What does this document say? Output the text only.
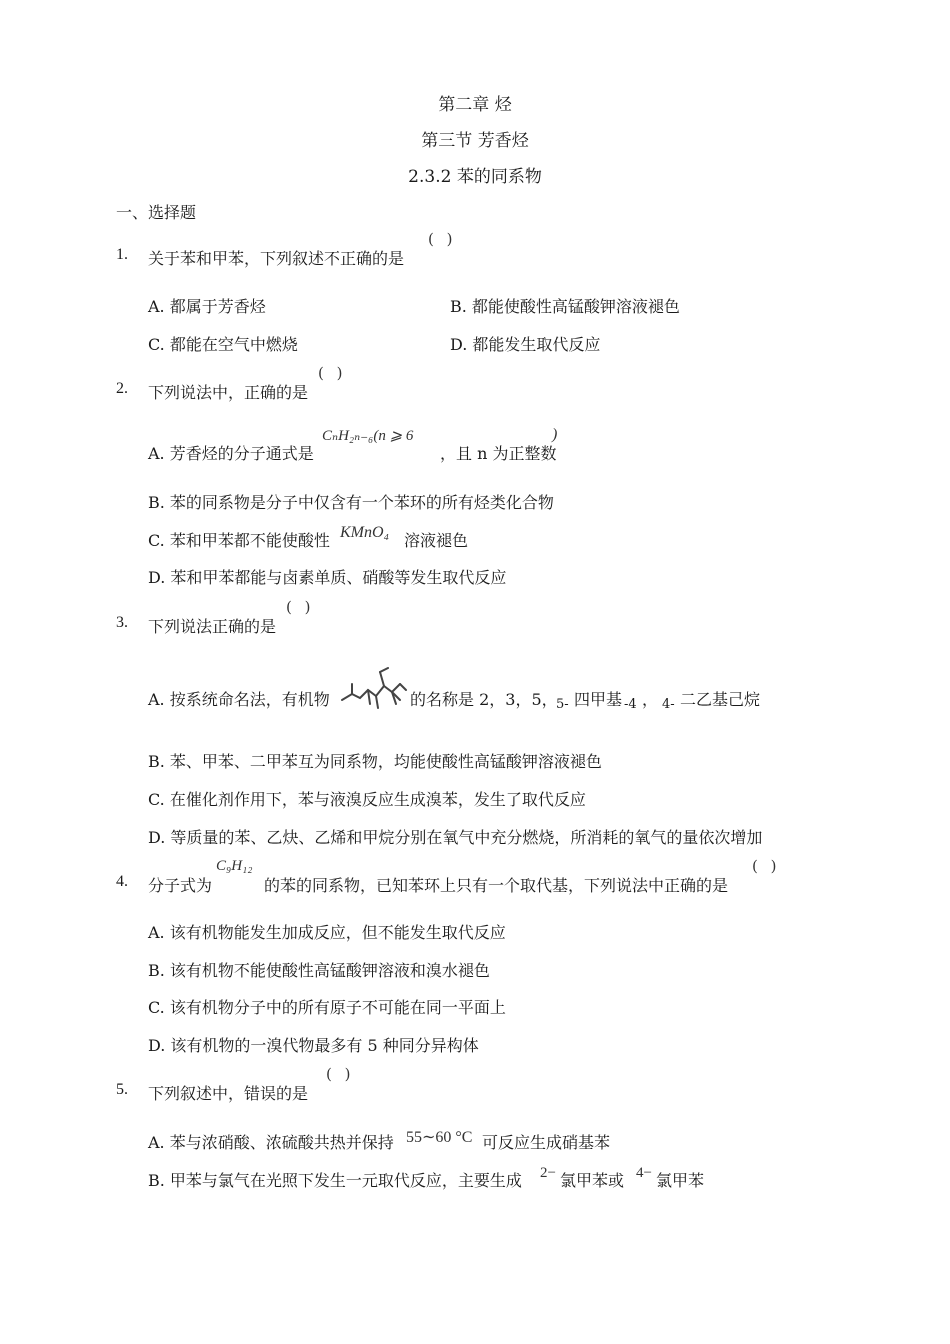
第二章 烃
第三节 芳香烃
2.3.2 苯的同系物
一、选择题
1. 关于苯和甲苯，下列叙述不正确的是
( )
A. 都属于芳香烃	B. 都能使酸性高锰酸钾溶液褪色
C. 都能在空气中燃烧	D. 都能发生取代反应
2. 下列说法中，正确的是
( )
A. 芳香烃的分子通式是
CₙH₂ₙ₋₆(n ⩾ 6
，且 n 为正整数
)
B. 苯的同系物是分子中仅含有一个苯环的所有烃类化合物
C. 苯和甲苯都不能使酸性 KMnO₄ 溶液褪色
D. 苯和甲苯都能与卤素单质、硝酸等发生取代反应
3. 下列说法正确的是
( )
A. 按系统命名法，有机物	的名称是 2，3，5，
5- 四甲基 -4 ， 4- 二乙基己烷
B. 苯、甲苯、二甲苯互为同系物，均能使酸性高锰酸钾溶液褪色
C. 在催化剂作用下，苯与液溴反应生成溴苯，发生了取代反应
D. 等质量的苯、乙炔、乙烯和甲烷分别在氧气中充分燃烧，所消耗的氧气的量依次增加
4. 分子式为
C₉H₁₂
的苯的同系物，已知苯环上只有一个取代基，下列说法中正确的是
( )
A. 该有机物能发生加成反应，但不能发生取代反应
B. 该有机物不能使酸性高锰酸钾溶液和溴水褪色
C. 该有机物分子中的所有原子不可能在同一平面上
D. 该有机物的一溴代物最多有 5 种同分异构体
5. 下列叙述中，错误的是
( )
A. 苯与浓硝酸、浓硫酸共热并保持 55∼60 °C 可反应生成硝基苯
B. 甲苯与氯气在光照下发生一元取代反应，主要生成 2− 氯甲苯或 4− 氯甲苯
